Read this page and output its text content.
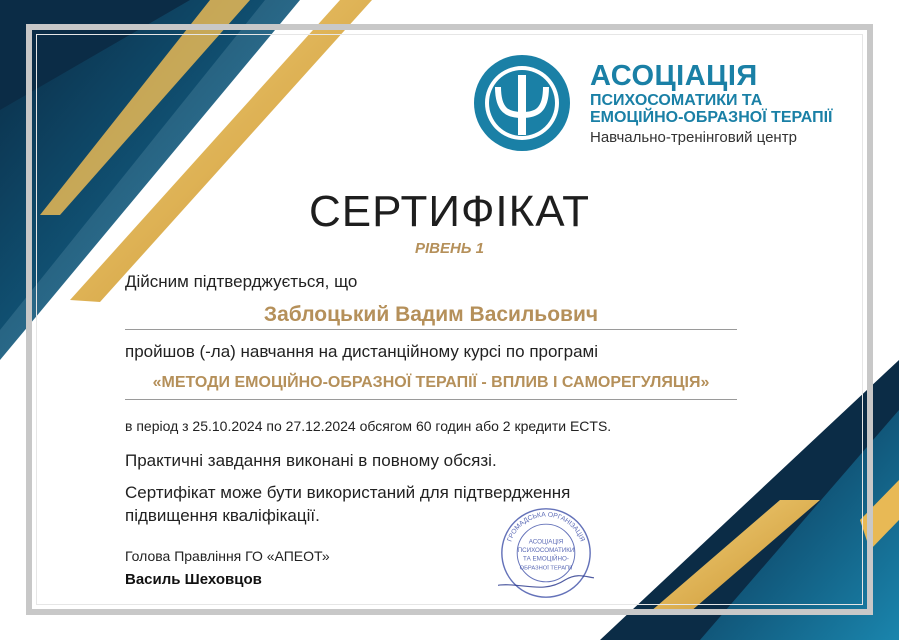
АСОЦІАЦІЯ
ПСИХОСОМАТИКИ ТА
ЕМОЦІЙНО-ОБРАЗНОЇ ТЕРАПІЇ
Навчально-тренінговий центр
СЕРТИФІКАТ
РІВЕНЬ 1
Дійсним підтверджується, що
Заблоцький Вадим Васильович
пройшов (-ла) навчання на дистанційному курсі по програмі
«МЕТОДИ ЕМОЦІЙНО-ОБРАЗНОЇ ТЕРАПІЇ - ВПЛИВ І САМОРЕГУЛЯЦІЯ»
в період з 25.10.2024 по 27.12.2024 обсягом 60 годин або 2 кредити ECTS.
Практичні завдання виконані в повному обсязі.
Сертифікат може бути використаний для підтвердження
підвищення кваліфікації.
Голова Правління ГО «АПЕОТ»
Василь Шеховцов
ГРОМАДСЬКА ОРГАНІЗАЦІЯ
АСОЦІАЦІЯ
ПСИХОСОМАТИКИ
ТА ЕМОЦІЙНО-
ОБРАЗНОЇ ТЕРАПІЇ
